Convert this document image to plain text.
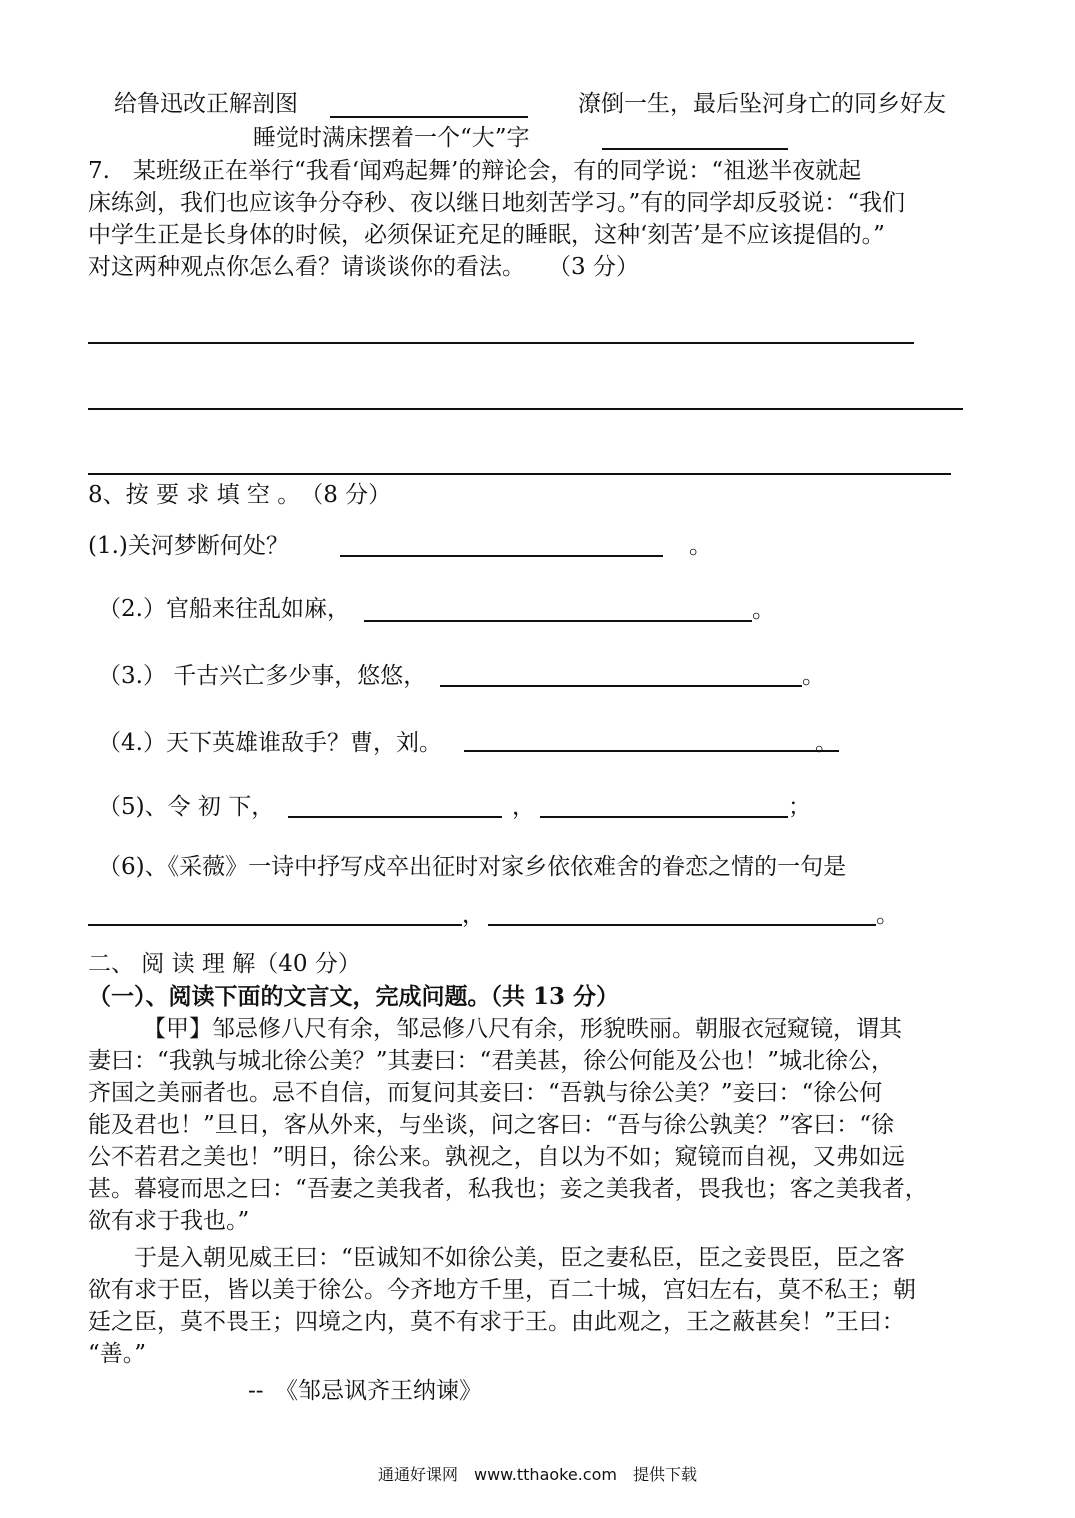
给鲁迅改正解剖图	潦倒一生，最后坠河身亡的同乡好友
睡觉时满床摆着一个“大”字
7.　某班级正在举行“我看‘闻鸡起舞’的辩论会，有的同学说：“祖逖半夜就起
床练剑，我们也应该争分夺秒、夜以继日地刻苦学习。”有的同学却反驳说：“我们
中学生正是长身体的时候，必须保证充足的睡眠，这种‘刻苦’是不应该提倡的。”
对这两种观点你怎么看？请谈谈你的看法。　　（3 分）
8、按 要 求 填 空 。　（8 分）
(1.)关河梦断何处？	。
（2.）官船来往乱如麻，	。
（3.） 千古兴亡多少事，悠悠，	。
（4.）天下英雄谁敌手？曹，刘。	。
（5)、令 初 下，	，	；
（6)、《采薇》一诗中抒写戍卒出征时对家乡依依难舍的眷恋之情的一句是
，	。
二、 阅 读 理 解（40 分）
（一）、阅读下面的文言文，完成问题。（共 13 分）
【甲】邹忌修八尺有余，邹忌修八尺有余，形貌昳丽。朝服衣冠窥镜，谓其
妻曰：“我孰与城北徐公美？”其妻曰：“君美甚，徐公何能及公也！”城北徐公，
齐国之美丽者也。忌不自信，而复问其妾曰：“吾孰与徐公美？”妾曰：“徐公何
能及君也！”旦日，客从外来，与坐谈，问之客曰：“吾与徐公孰美？”客曰：“徐
公不若君之美也！”明日，徐公来。孰视之，自以为不如；窥镜而自视，又弗如远
甚。暮寝而思之曰：“吾妻之美我者，私我也；妾之美我者，畏我也；客之美我者，
欲有求于我也。”
于是入朝见威王曰：“臣诚知不如徐公美，臣之妻私臣，臣之妾畏臣，臣之客
欲有求于臣，皆以美于徐公。今齐地方千里，百二十城，宫妇左右，莫不私王；朝
廷之臣，莫不畏王；四境之内，莫不有求于王。由此观之，王之蔽甚矣！”王曰：
“善。”
--　《邹忌讽齐王纳谏》
通通好课网　www.tthaoke.com　提供下载
